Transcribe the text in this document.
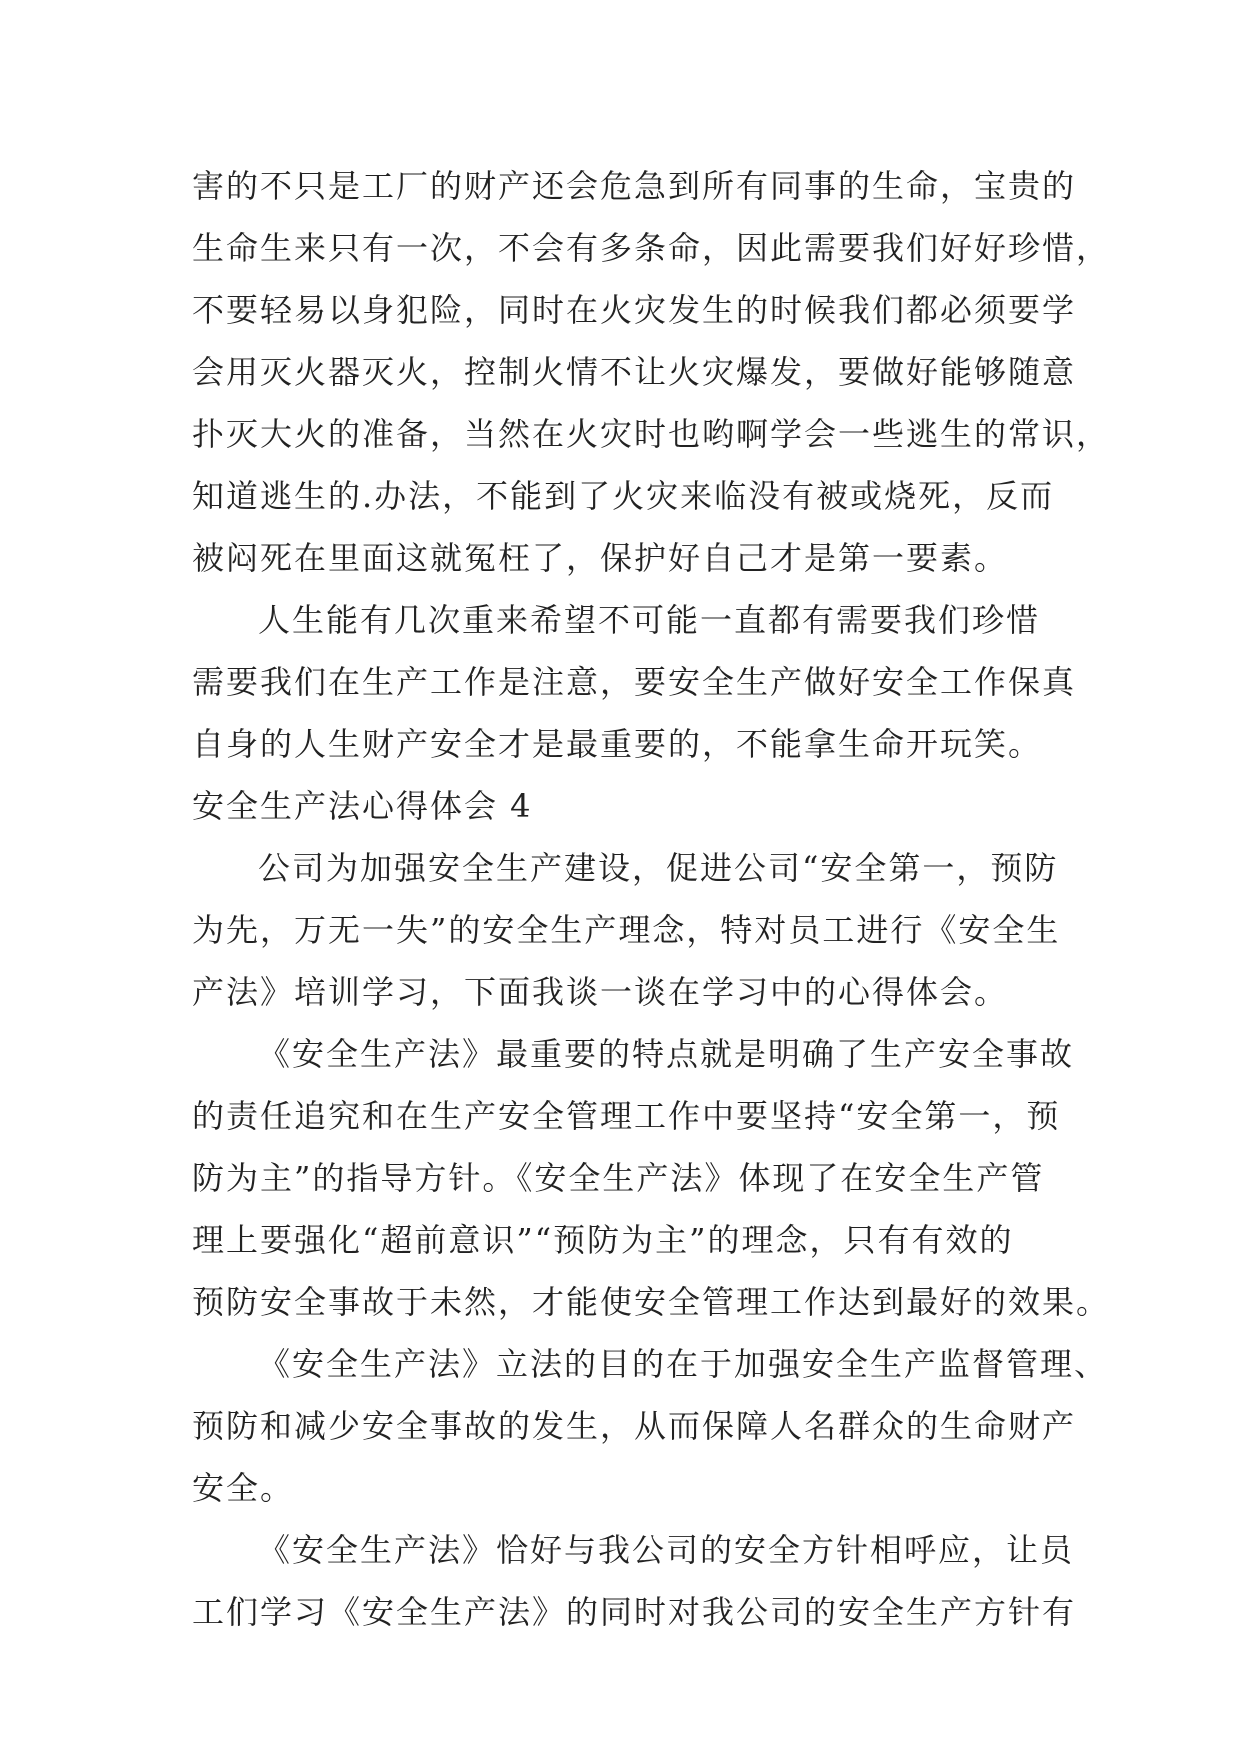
害的不只是工厂的财产还会危急到所有同事的生命，宝贵的
生命生来只有一次，不会有多条命，因此需要我们好好珍惜，
不要轻易以身犯险，同时在火灾发生的时候我们都必须要学
会用灭火器灭火，控制火情不让火灾爆发，要做好能够随意
扑灭大火的准备，当然在火灾时也哟啊学会一些逃生的常识，
知道逃生的.办法，不能到了火灾来临没有被或烧死，反而
被闷死在里面这就冤枉了，保护好自己才是第一要素。

人生能有几次重来希望不可能一直都有需要我们珍惜
需要我们在生产工作是注意，要安全生产做好安全工作保真
自身的人生财产安全才是最重要的，不能拿生命开玩笑。

安全生产法心得体会 4

公司为加强安全生产建设，促进公司“安全第一，预防
为先，万无一失”的安全生产理念，特对员工进行《安全生
产法》培训学习，下面我谈一谈在学习中的心得体会。

《安全生产法》最重要的特点就是明确了生产安全事故
的责任追究和在生产安全管理工作中要坚持“安全第一，预
防为主”的指导方针。《安全生产法》体现了在安全生产管
理上要强化“超前意识”“预防为主”的理念，只有有效的
预防安全事故于未然，才能使安全管理工作达到最好的效果。

《安全生产法》立法的目的在于加强安全生产监督管理、
预防和减少安全事故的发生，从而保障人名群众的生命财产
安全。

《安全生产法》恰好与我公司的安全方针相呼应，让员
工们学习《安全生产法》的同时对我公司的安全生产方针有
